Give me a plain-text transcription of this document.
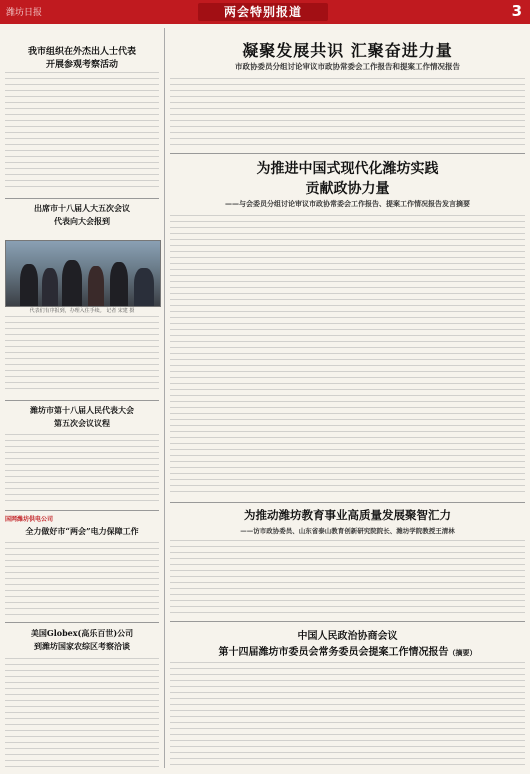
潍坊日报	两会特别报道	3
我市组织在外杰出人士代表
开展参观考察活动
出席市十八届人大五次会议
代表向大会报到
代表们有序报到，办理入住手续。 记者 宋建 摄
潍坊市第十八届人民代表大会
第五次会议议程
国网潍坊供电公司
全力做好市“两会”电力保障工作
美国Globex(高乐百世)公司
到潍坊国家农综区考察洽谈
凝聚发展共识 汇聚奋进力量
市政协委员分组讨论审议市政协常委会工作报告和提案工作情况报告
为推进中国式现代化潍坊实践
贡献政协力量
——与会委员分组讨论审议市政协常委会工作报告、提案工作情况报告发言摘要
为推动潍坊教育事业高质量发展聚智汇力
——访市政协委员、山东省泰山教育创新研究院院长、潍坊学院教授王清林
中国人民政治协商会议
第十四届潍坊市委员会常务委员会提案工作情况报告（摘要）
